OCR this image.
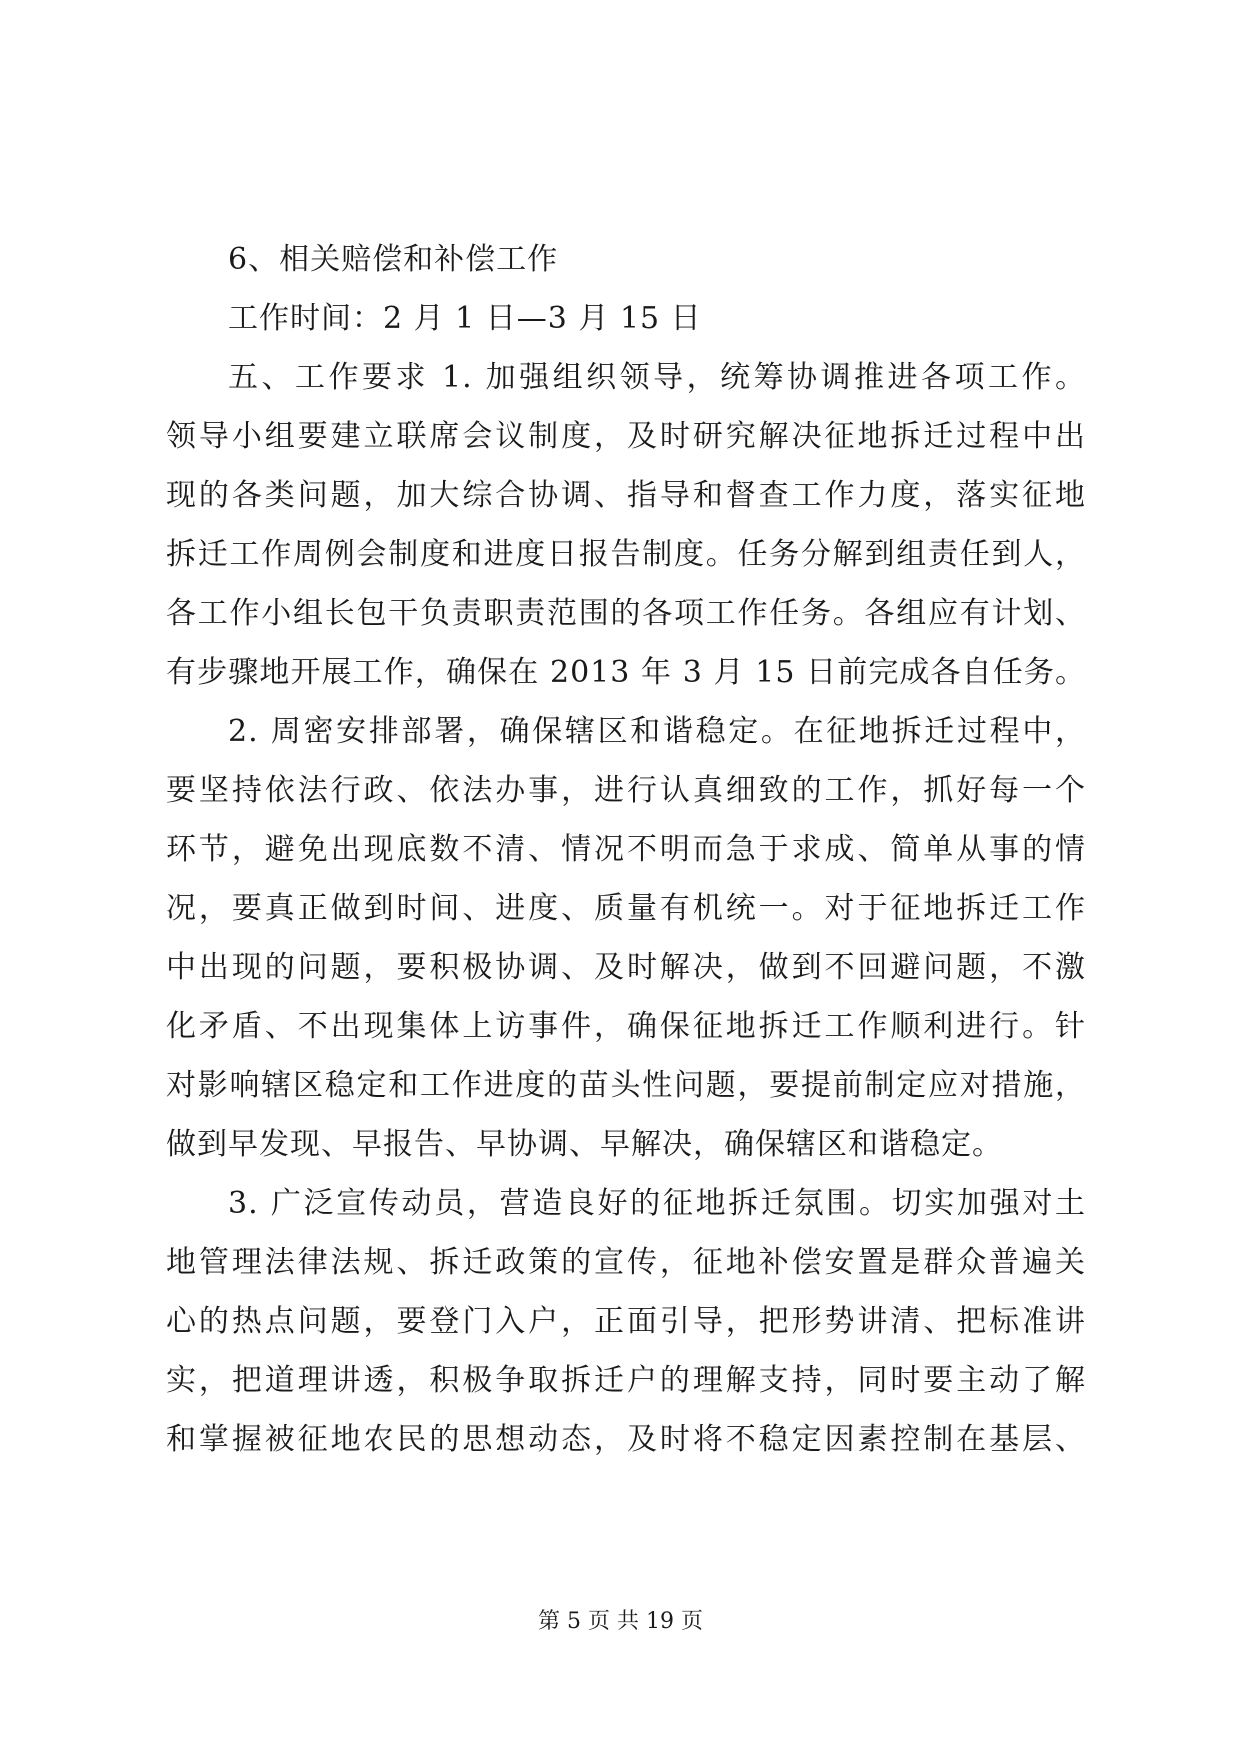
6、相关赔偿和补偿工作
工作时间：2 月 1 日—3 月 15 日
五、工作要求 1. 加强组织领导，统筹协调推进各项工作。
领导小组要建立联席会议制度，及时研究解决征地拆迁过程中出
现的各类问题，加大综合协调、指导和督查工作力度，落实征地
拆迁工作周例会制度和进度日报告制度。任务分解到组责任到人，
各工作小组长包干负责职责范围的各项工作任务。各组应有计划、
有步骤地开展工作，确保在 2013 年 3 月 15 日前完成各自任务。
2. 周密安排部署，确保辖区和谐稳定。在征地拆迁过程中，
要坚持依法行政、依法办事，进行认真细致的工作，抓好每一个
环节，避免出现底数不清、情况不明而急于求成、简单从事的情
况，要真正做到时间、进度、质量有机统一。对于征地拆迁工作
中出现的问题，要积极协调、及时解决，做到不回避问题，不激
化矛盾、不出现集体上访事件，确保征地拆迁工作顺利进行。针
对影响辖区稳定和工作进度的苗头性问题，要提前制定应对措施，
做到早发现、早报告、早协调、早解决，确保辖区和谐稳定。
3. 广泛宣传动员，营造良好的征地拆迁氛围。切实加强对土
地管理法律法规、拆迁政策的宣传，征地补偿安置是群众普遍关
心的热点问题，要登门入户，正面引导，把形势讲清、把标准讲
实，把道理讲透，积极争取拆迁户的理解支持，同时要主动了解
和掌握被征地农民的思想动态，及时将不稳定因素控制在基层、
第 5 页 共 19 页
